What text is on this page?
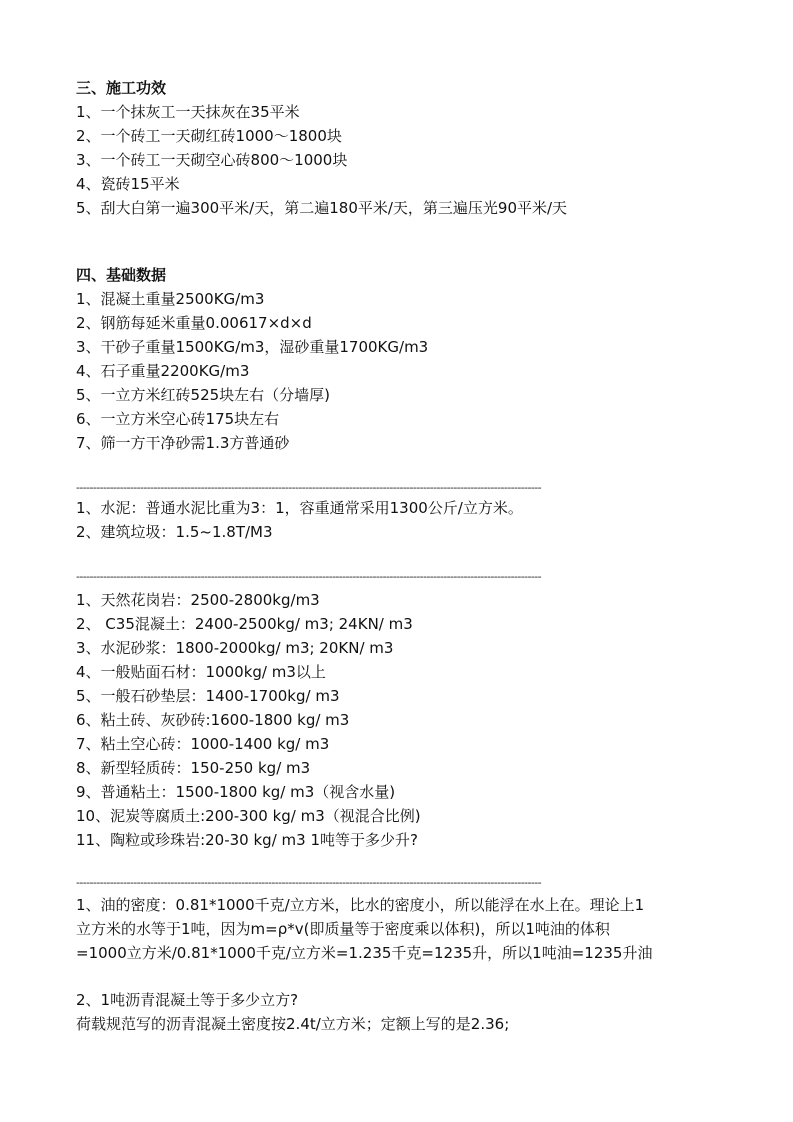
三、施工功效
1、一个抹灰工一天抹灰在35平米
2、一个砖工一天砌红砖1000～1800块
3、一个砖工一天砌空心砖800～1000块
4、瓷砖15平米
5、刮大白第一遍300平米/天，第二遍180平米/天，第三遍压光90平米/天
四、基础数据
1、混凝土重量2500KG/m3
2、钢筋每延米重量0.00617×d×d
3、干砂子重量1500KG/m3，湿砂重量1700KG/m3
4、石子重量2200KG/m3
5、一立方米红砖525块左右（分墙厚)
6、一立方米空心砖175块左右
7、筛一方干净砂需1.3方普通砂
------------------------------------------------------------------------------------------------------------------------------------------
1、水泥：普通水泥比重为3：1，容重通常采用1300公斤/立方米。
2、建筑垃圾：1.5~1.8T/M3
------------------------------------------------------------------------------------------------------------------------------------------
1、天然花岗岩：2500-2800kg/m3
2、 C35混凝土：2400-2500kg/ m3; 24KN/ m3
3、水泥砂浆：1800-2000kg/ m3; 20KN/ m3
4、一般贴面石材：1000kg/ m3以上
5、一般石砂垫层：1400-1700kg/ m3
6、粘土砖、灰砂砖:1600-1800 kg/ m3
7、粘土空心砖：1000-1400 kg/ m3
8、新型轻质砖：150-250 kg/ m3
9、普通粘土：1500-1800 kg/ m3（视含水量)
10、泥炭等腐质土:200-300 kg/ m3（视混合比例)
11、陶粒或珍珠岩:20-30 kg/ m3 1吨等于多少升?
------------------------------------------------------------------------------------------------------------------------------------------
1、油的密度：0.81*1000千克/立方米，比水的密度小，所以能浮在水上在。理论上1
立方米的水等于1吨，因为m=ρ*v(即质量等于密度乘以体积)，所以1吨油的体积
=1000立方米/0.81*1000千克/立方米=1.235千克=1235升，所以1吨油=1235升油
2、1吨沥青混凝土等于多少立方?
荷载规范写的沥青混凝土密度按2.4t/立方米；定额上写的是2.36;
